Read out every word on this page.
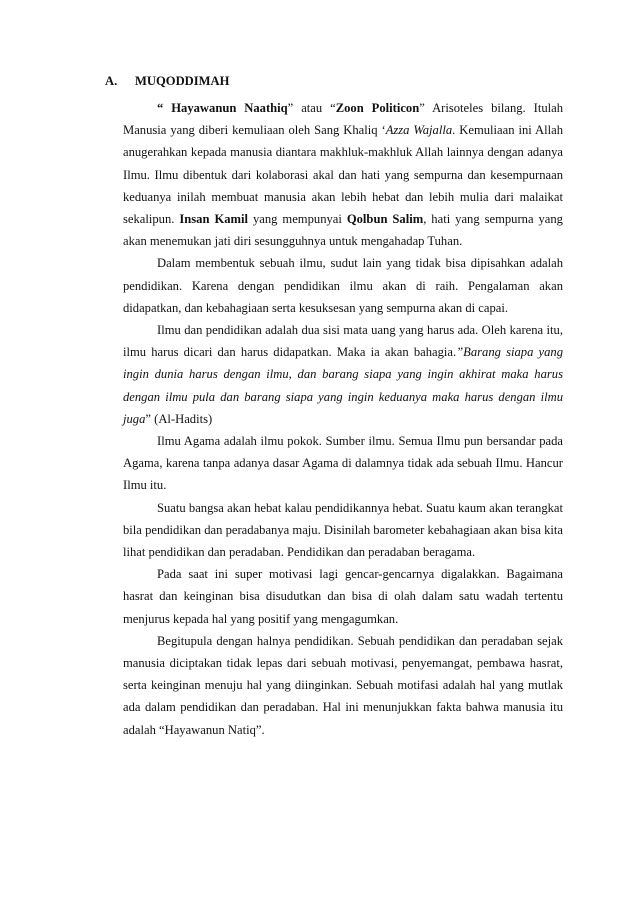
A.	MUQODDIMAH

“ Hayawanun Naathiq” atau “Zoon Politicon” Arisoteles bilang. Itulah Manusia yang diberi kemuliaan oleh Sang Khaliq ‘Azza Wajalla. Kemuliaan ini Allah anugerahkan kepada manusia diantara makhluk-makhluk Allah lainnya dengan adanya Ilmu. Ilmu dibentuk dari kolaborasi akal dan hati yang sempurna dan kesempurnaan keduanya inilah membuat manusia akan lebih hebat dan lebih mulia dari malaikat sekalipun. Insan Kamil yang mempunyai Qolbun Salim, hati yang sempurna yang akan menemukan jati diri sesungguhnya untuk mengahadap Tuhan.

Dalam membentuk sebuah ilmu, sudut lain yang tidak bisa dipisahkan adalah pendidikan. Karena dengan pendidikan ilmu akan di raih. Pengalaman akan didapatkan, dan kebahagiaan serta kesuksesan yang sempurna akan di capai.

Ilmu dan pendidikan adalah dua sisi mata uang yang harus ada. Oleh karena itu, ilmu harus dicari dan harus didapatkan. Maka ia akan bahagia.”Barang siapa yang ingin dunia harus dengan ilmu, dan barang siapa yang ingin akhirat maka harus dengan ilmu pula dan barang siapa yang ingin keduanya maka harus dengan ilmu juga” (Al-Hadits)

Ilmu Agama adalah ilmu pokok. Sumber ilmu. Semua Ilmu pun bersandar pada Agama, karena tanpa adanya dasar Agama di dalamnya tidak ada sebuah Ilmu. Hancur Ilmu itu.

Suatu bangsa akan hebat kalau pendidikannya hebat. Suatu kaum akan terangkat bila pendidikan dan peradabanya maju. Disinilah barometer kebahagiaan akan bisa kita lihat pendidikan dan peradaban. Pendidikan dan peradaban beragama.

Pada saat ini super motivasi lagi gencar-gencarnya digalakkan. Bagaimana hasrat dan keinginan bisa disudutkan dan bisa di olah dalam satu wadah tertentu menjurus kepada hal yang positif yang mengagumkan.

Begitupula dengan halnya pendidikan. Sebuah pendidikan dan peradaban sejak manusia diciptakan tidak lepas dari sebuah motivasi, penyemangat, pembawa hasrat, serta keinginan menuju hal yang diinginkan. Sebuah motifasi adalah hal yang mutlak ada dalam pendidikan dan peradaban. Hal ini menunjukkan fakta bahwa manusia itu adalah “Hayawanun Natiq”.
